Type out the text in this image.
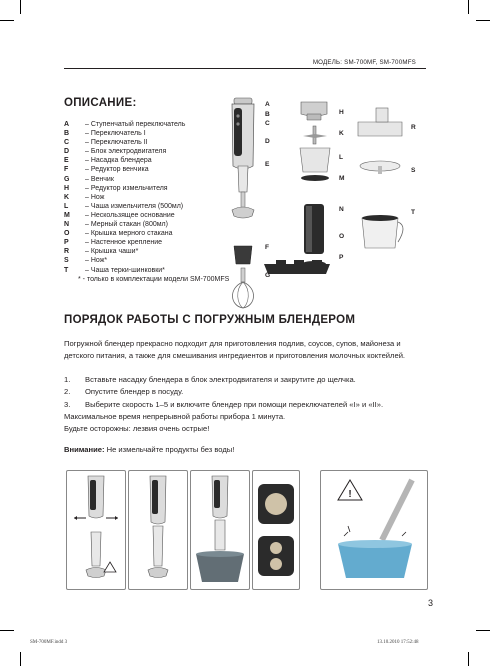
МОДЕЛЬ: SM-700MF, SM-700MFS
ОПИСАНИЕ:
A – Ступенчатый переключатель
B – Переключатель I
C – Переключатель II
D – Блок электродвигателя
E – Насадка блендера
F – Редуктор венчика
G – Венчик
H – Редуктор измельчителя
K – Нож
L – Чаша измельчителя (500мл)
M – Нескользящее основание
N – Мерный стакан (800мл)
O – Крышка мерного стакана
P – Настенное крепление
R – Крышка чаши*
S – Нож*
T – Чаша терки-шинковки*
* - только в комплектации модели SM-700MFS
A
B
C
D
E
F
G
H
K
L
M
N
O
P
R
S
T
ПОРЯДОК РАБОТЫ С ПОГРУЖНЫМ БЛЕНДЕРОМ

Погружной блендер прекрасно подходит для приготовления подлив, соусов, супов, майонеза и детского питания, а также для смешивания ингредиентов и приготовления молочных коктейлей.

1. Вставьте насадку блендера в блок электродвигателя и закрутите до щелчка.
2. Опустите блендер в посуду.
3. Выберите скорость 1–5 и включите блендер при помощи переключателей «I» и «II».
Максимальное время непрерывной работы прибора 1 минута.
Будьте осторожны: лезвия очень острые!
Внимание: Не измельчайте продукты без воды!
!
3
SM-700MF.indd 3	13.10.2010 17:52:48
